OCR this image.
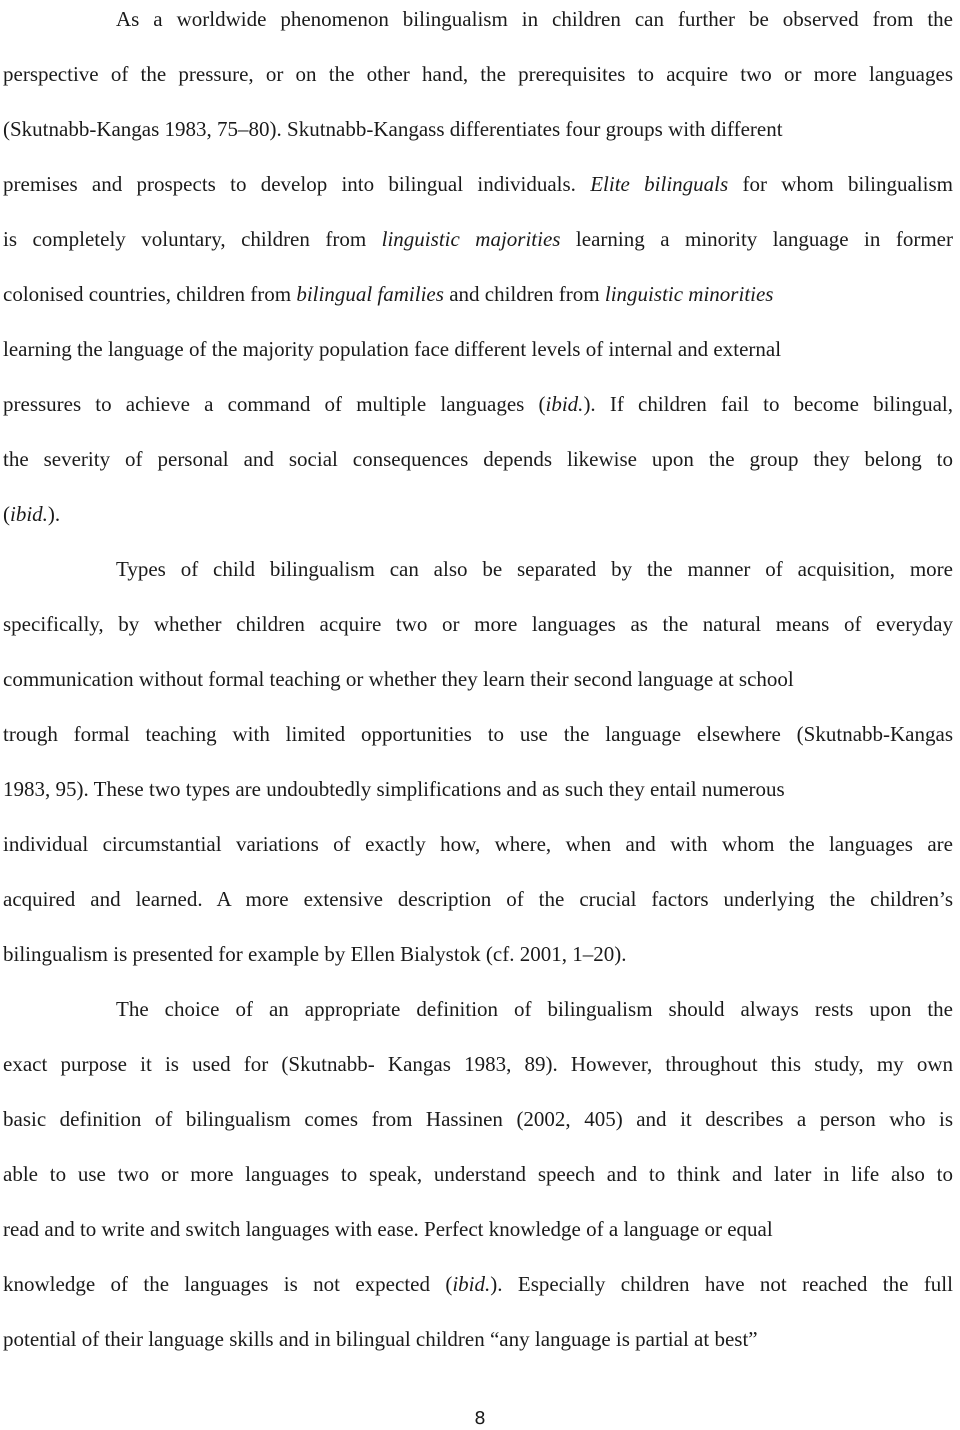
As a worldwide phenomenon bilingualism in children can further be observed from the
perspective of the pressure, or on the other hand, the prerequisites to acquire two or more languages
(Skutnabb-Kangas 1983, 75–80). Skutnabb-Kangass differentiates four groups with different
premises and prospects to develop into bilingual individuals. Elite bilinguals for whom bilingualism
is completely voluntary, children from linguistic majorities learning a minority language in former
colonised countries, children from bilingual families and children from linguistic minorities
learning the language of the majority population face different levels of internal and external
pressures to achieve a command of multiple languages (ibid.). If children fail to become bilingual,
the severity of personal and social consequences depends likewise upon the group they belong to
(ibid.).
Types of child bilingualism can also be separated by the manner of acquisition, more
specifically, by whether children acquire two or more languages as the natural means of everyday
communication without formal teaching or whether they learn their second language at school
trough formal teaching with limited opportunities to use the language elsewhere (Skutnabb-Kangas
1983, 95). These two types are undoubtedly simplifications and as such they entail numerous
individual circumstantial variations of exactly how, where, when and with whom the languages are
acquired and learned. A more extensive description of the crucial factors underlying the children’s
bilingualism is presented for example by Ellen Bialystok (cf. 2001, 1–20).
The choice of an appropriate definition of bilingualism should always rests upon the
exact purpose it is used for (Skutnabb- Kangas 1983, 89). However, throughout this study, my own
basic definition of bilingualism comes from Hassinen (2002, 405) and it describes a person who is
able to use two or more languages to speak, understand speech and to think and later in life also to
read and to write and switch languages with ease. Perfect knowledge of a language or equal
knowledge of the languages is not expected (ibid.). Especially children have not reached the full
potential of their language skills and in bilingual children “any language is partial at best”
8
